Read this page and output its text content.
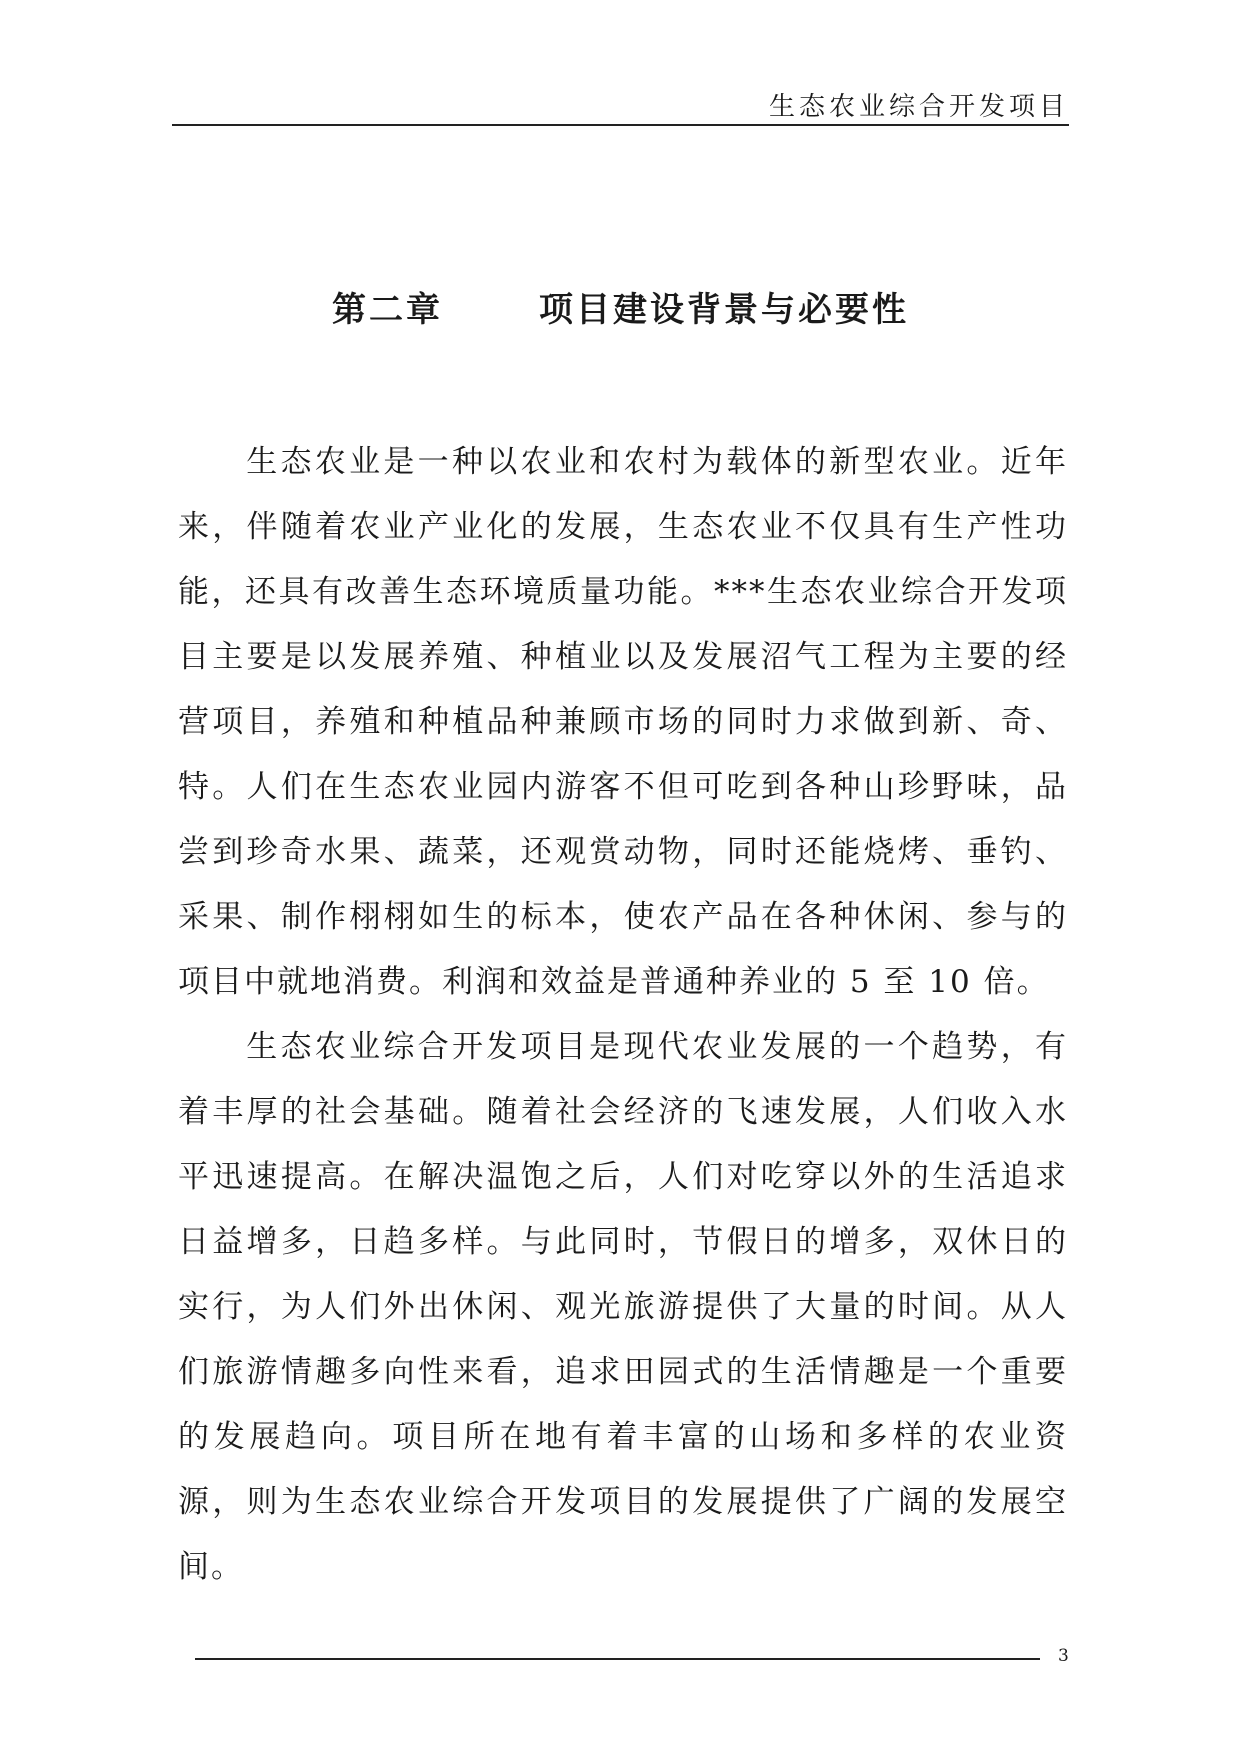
生态农业综合开发项目
第二章	项目建设背景与必要性

生态农业是一种以农业和农村为载体的新型农业。近年来，伴随着农业产业化的发展，生态农业不仅具有生产性功能，还具有改善生态环境质量功能。***生态农业综合开发项目主要是以发展养殖、种植业以及发展沼气工程为主要的经营项目，养殖和种植品种兼顾市场的同时力求做到新、奇、特。人们在生态农业园内游客不但可吃到各种山珍野味，品尝到珍奇水果、蔬菜，还观赏动物，同时还能烧烤、垂钓、采果、制作栩栩如生的标本，使农产品在各种休闲、参与的项目中就地消费。利润和效益是普通种养业的 5 至 10 倍。

生态农业综合开发项目是现代农业发展的一个趋势，有着丰厚的社会基础。随着社会经济的飞速发展，人们收入水平迅速提高。在解决温饱之后，人们对吃穿以外的生活追求日益增多，日趋多样。与此同时，节假日的增多，双休日的实行，为人们外出休闲、观光旅游提供了大量的时间。从人们旅游情趣多向性来看，追求田园式的生活情趣是一个重要的发展趋向。项目所在地有着丰富的山场和多样的农业资源，则为生态农业综合开发项目的发展提供了广阔的发展空间。

3
